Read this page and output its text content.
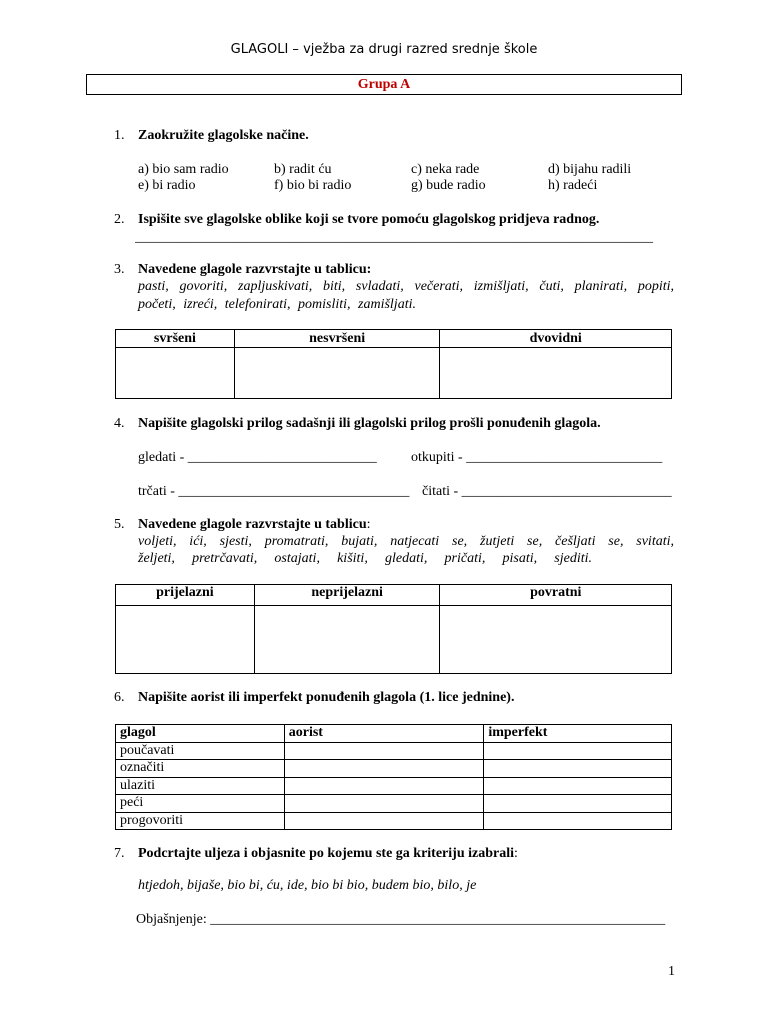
GLAGOLI – vježba za drugi razred srednje škole
Grupa A
1. Zaokružite glagolske načine.
a) bio sam radio	b) radit ću	c) neka rade	d) bijahu radili
e) bi radio	f) bio bi radio	g) bude radio	h) radeći
2. Ispišite sve glagolske oblike koji se tvore pomoću glagolskog pridjeva radnog.
__________________________________________________________________________
3. Navedene glagole razvrstajte u tablicu:
pasti, govoriti, zapljuskivati, biti, svladati, večerati, izmišljati, čuti, planirati, popiti,
početi, izreći, telefonirati, pomisliti, zamišljati.
svršeni	nesvršeni	dvovidni

4. Napišite glagolski prilog sadašnji ili glagolski prilog prošli ponuđenih glagola.
gledati - ___________________________ otkupiti - ____________________________
trčati - _________________________________ čitati - ______________________________
5. Navedene glagole razvrstajte u tablicu:
voljeti, ići, sjesti, promatrati, bujati, natjecati se, žutjeti se, češljati se, svitati,
željeti, pretrčavati, ostajati, kišiti, gledati, pričati, pisati, sjediti.
prijelazni	neprijelazni	povratni

6. Napišite aorist ili imperfekt ponuđenih glagola (1. lice jednine).
glagol	aorist	imperfekt
poučavati		
označiti		
ulaziti		
peći		
progovoriti		
7. Podcrtajte uljeza i objasnite po kojemu ste ga kriteriju izabrali:
htjedoh, bijaše, bio bi, ću, ide, bio bi bio, budem bio, bilo, je
Objašnjenje: _________________________________________________________________
1
